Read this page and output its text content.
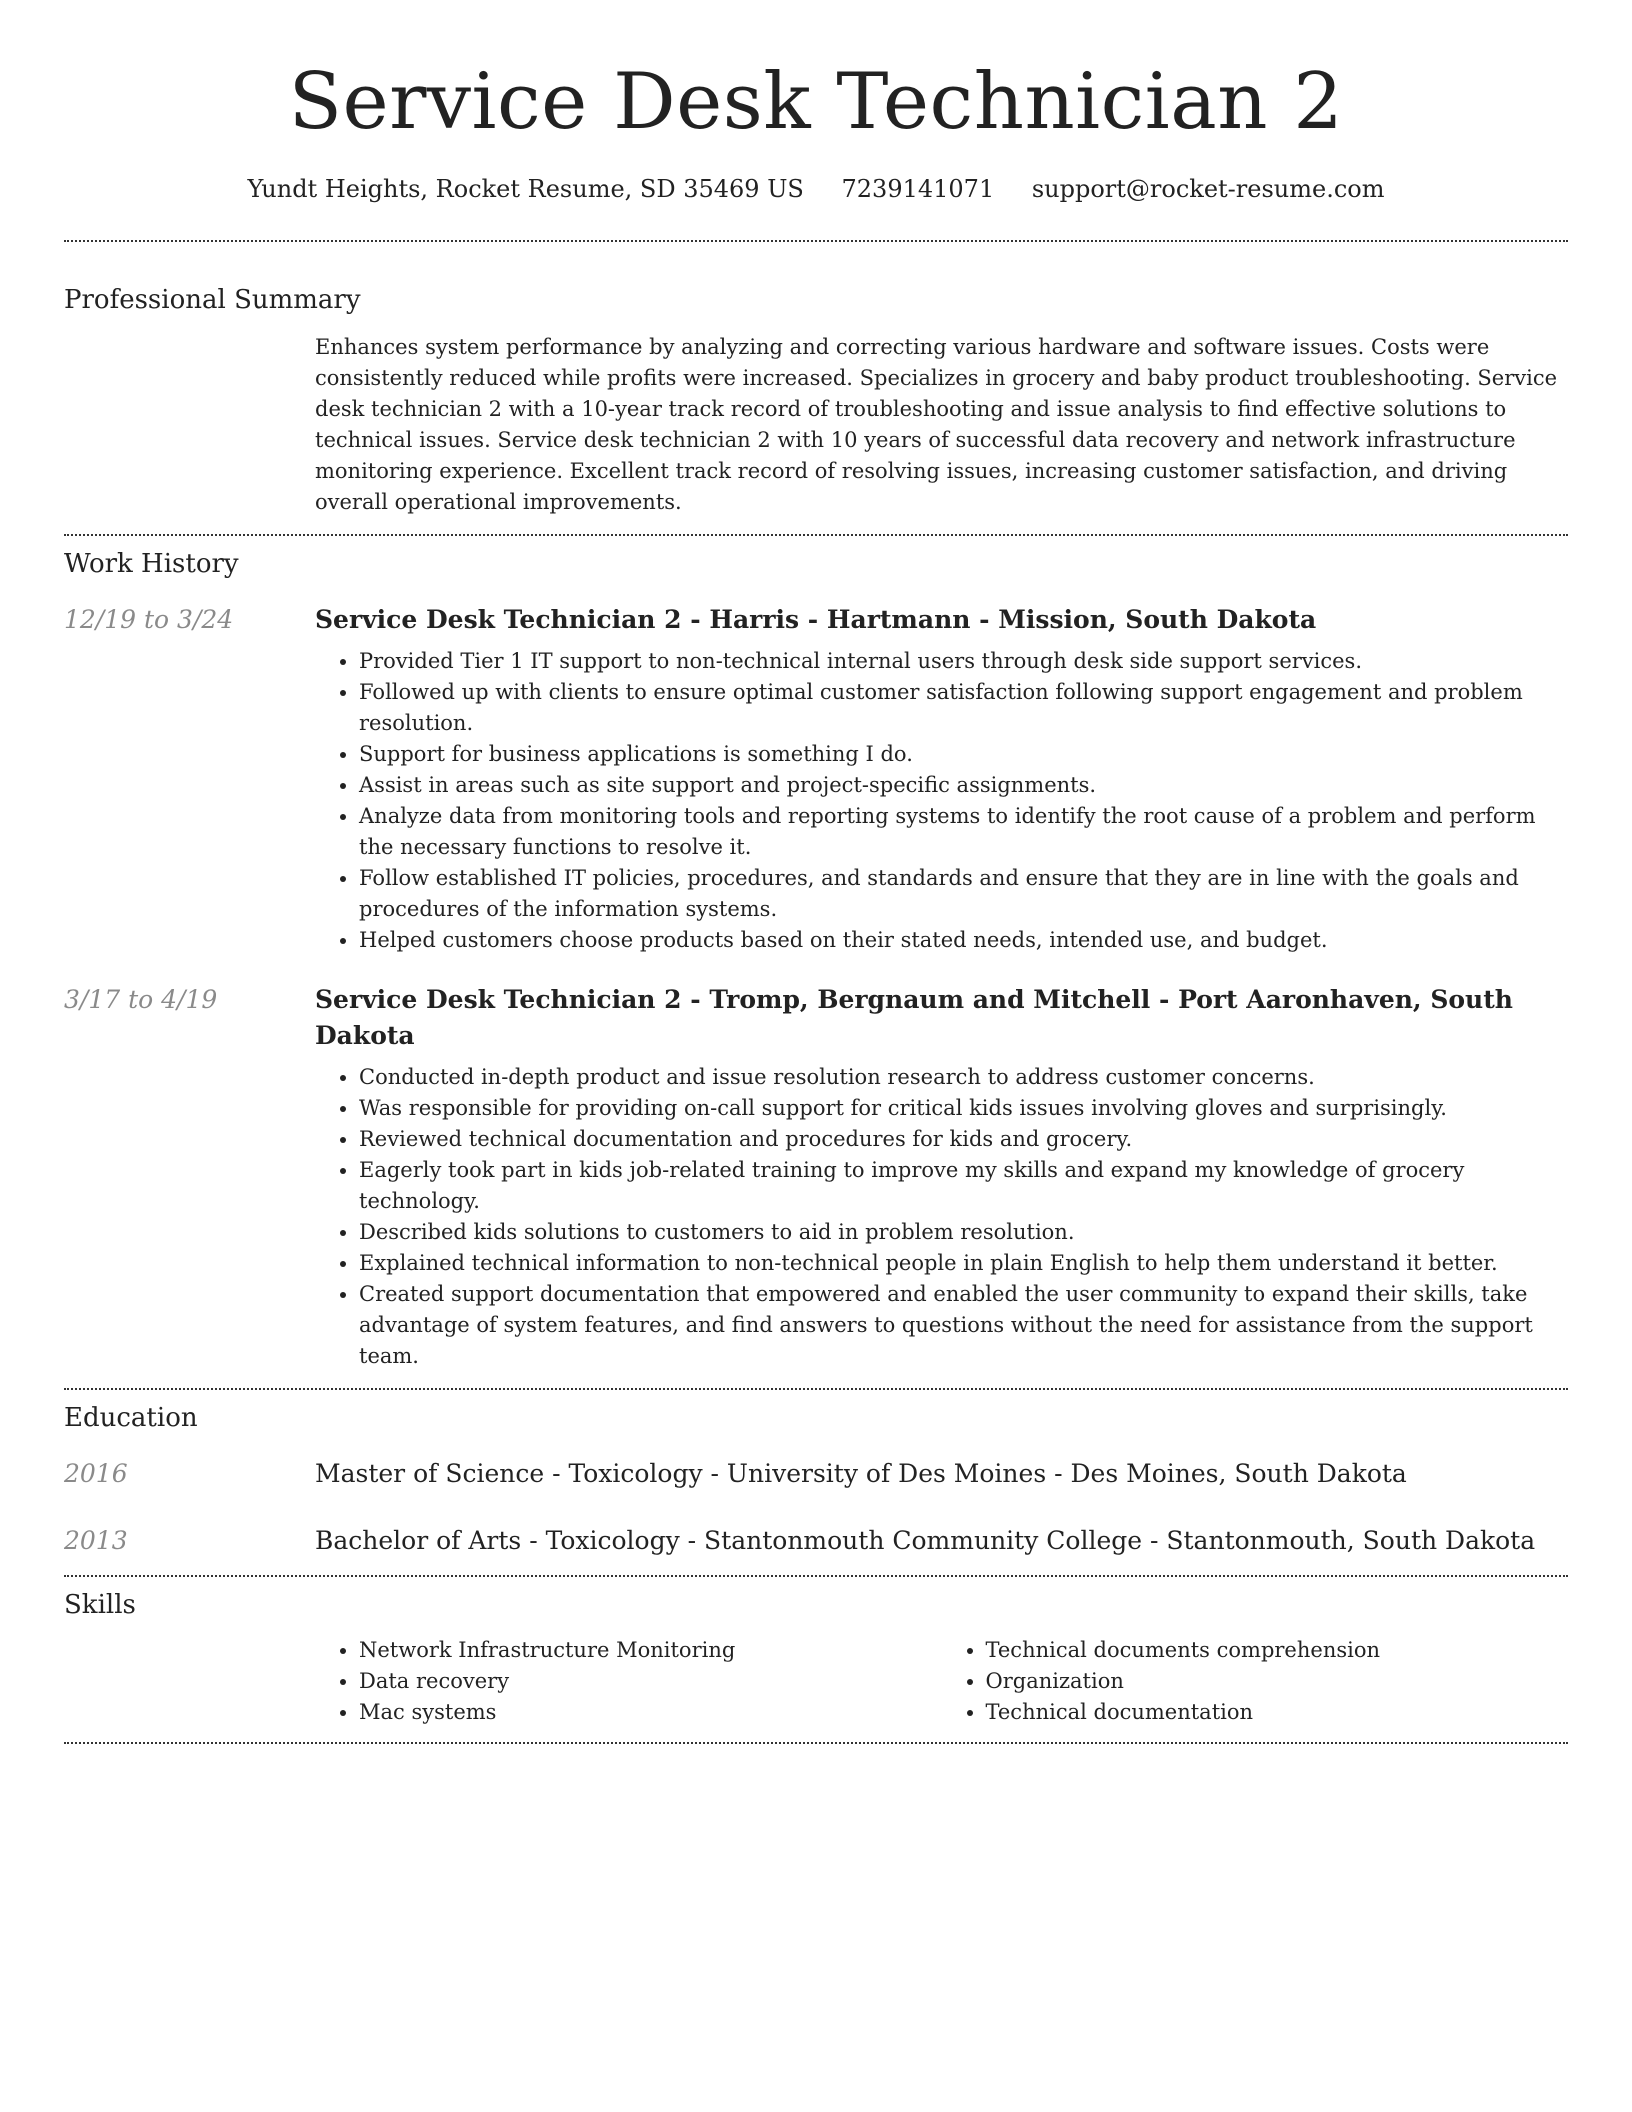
Service Desk Technician 2
Yundt Heights, Rocket Resume, SD 35469 US 7239141071 support@rocket-resume.com
Professional Summary

Enhances system performance by analyzing and correcting various hardware and software issues. Costs were consistently reduced while profits were increased. Specializes in grocery and baby product troubleshooting. Service desk technician 2 with a 10-year track record of troubleshooting and issue analysis to find effective solutions to technical issues. Service desk technician 2 with 10 years of successful data recovery and network infrastructure monitoring experience. Excellent track record of resolving issues, increasing customer satisfaction, and driving overall operational improvements.

Work History
12/19 to 3/24	Service Desk Technician 2 - Harris - Hartmann - Mission, South Dakota
• Provided Tier 1 IT support to non-technical internal users through desk side support services.
• Followed up with clients to ensure optimal customer satisfaction following support engagement and problem resolution.
• Support for business applications is something I do.
• Assist in areas such as site support and project-specific assignments.
• Analyze data from monitoring tools and reporting systems to identify the root cause of a problem and perform the necessary functions to resolve it.
• Follow established IT policies, procedures, and standards and ensure that they are in line with the goals and procedures of the information systems.
• Helped customers choose products based on their stated needs, intended use, and budget.
3/17 to 4/19	Service Desk Technician 2 - Tromp, Bergnaum and Mitchell - Port Aaronhaven, South Dakota
• Conducted in-depth product and issue resolution research to address customer concerns.
• Was responsible for providing on-call support for critical kids issues involving gloves and surprisingly.
• Reviewed technical documentation and procedures for kids and grocery.
• Eagerly took part in kids job-related training to improve my skills and expand my knowledge of grocery technology.
• Described kids solutions to customers to aid in problem resolution.
• Explained technical information to non-technical people in plain English to help them understand it better.
• Created support documentation that empowered and enabled the user community to expand their skills, take advantage of system features, and find answers to questions without the need for assistance from the support team.
Education
2016	Master of Science - Toxicology - University of Des Moines - Des Moines, South Dakota
2013	Bachelor of Arts - Toxicology - Stantonmouth Community College - Stantonmouth, South Dakota
Skills
• Network Infrastructure Monitoring
• Data recovery
• Mac systems
• Technical documents comprehension
• Organization
• Technical documentation
